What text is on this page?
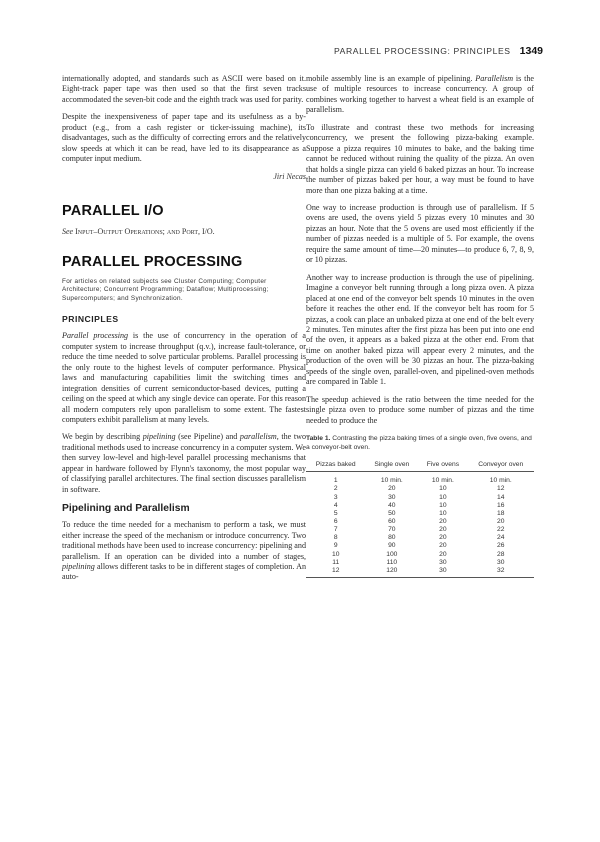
PARALLEL PROCESSING: PRINCIPLES 1349

internationally adopted, and standards such as ASCII were based on it. Eight-track paper tape was then used so that the first seven tracks accommodated the seven-bit code and the eighth track was used for parity.

Despite the inexpensiveness of paper tape and its usefulness as a by-product (e.g., from a cash register or ticker-issuing machine), its disadvantages, such as the difficulty of correcting errors and the relatively slow speeds at which it can be read, have led to its disappearance as a computer input medium.

Jiri Necas
PARALLEL I/O
See Input–Output Operations; and Port, I/O.
PARALLEL PROCESSING
For articles on related subjects see Cluster Computing; Computer Architecture; Concurrent Programming; Dataflow; Multiprocessing; Supercomputers; and Synchronization.
PRINCIPLES

Parallel processing is the use of concurrency in the operation of a computer system to increase throughput (q.v.), increase fault-tolerance, or reduce the time needed to solve particular problems. Parallel processing is the only route to the highest levels of computer performance. Physical laws and manufacturing capabilities limit the switching times and integration densities of current semiconductor-based devices, putting a ceiling on the speed at which any single device can operate. For this reason all modern computers rely upon parallelism to some extent. The fastest computers exhibit parallelism at many levels.

We begin by describing pipelining (see Pipeline) and parallelism, the two traditional methods used to increase concurrency in a computer system. We then survey low-level and high-level parallel processing mechanisms that appear in hardware followed by Flynn's taxonomy, the most popular way of classifying parallel architectures. The final section discusses parallelism in software.

Pipelining and Parallelism

To reduce the time needed for a mechanism to perform a task, we must either increase the speed of the mechanism or introduce concurrency. Two traditional methods have been used to increase concurrency: pipelining and parallelism. If an operation can be divided into a number of stages, pipelining allows different tasks to be in different stages of completion. An auto-

mobile assembly line is an example of pipelining. Parallelism is the use of multiple resources to increase concurrency. A group of combines working together to harvest a wheat field is an example of parallelism.

To illustrate and contrast these two methods for increasing concurrency, we present the following pizza-baking example. Suppose a pizza requires 10 minutes to bake, and the baking time cannot be reduced without ruining the quality of the pizza. An oven that holds a single pizza can yield 6 baked pizzas an hour. To increase the number of pizzas baked per hour, a way must be found to have more than one pizza baking at a time.

One way to increase production is through use of parallelism. If 5 ovens are used, the ovens yield 5 pizzas every 10 minutes and 30 pizzas an hour. Note that the 5 ovens are used most efficiently if the number of pizzas needed is a multiple of 5. For example, the ovens require the same amount of time—20 minutes—to produce 6, 7, 8, 9, or 10 pizzas.

Another way to increase production is through the use of pipelining. Imagine a conveyor belt running through a long pizza oven. A pizza placed at one end of the conveyor belt spends 10 minutes in the oven before it reaches the other end. If the conveyor belt has room for 5 pizzas, a cook can place an unbaked pizza at one end of the belt every 2 minutes. Ten minutes after the first pizza has been put into one end of the oven, it appears as a baked pizza at the other end. From that time on another baked pizza will appear every 2 minutes, and the production of the oven will be 30 pizzas an hour. The pizza-baking speeds of the single oven, parallel-oven, and pipelined-oven methods are compared in Table 1.

The speedup achieved is the ratio between the time needed for the single pizza oven to produce some number of pizzas and the time needed to produce the

Table 1. Contrasting the pizza baking times of a single oven, five ovens, and a conveyor-belt oven.
Pizzas baked	Single oven	Five ovens	Conveyor oven
1	10 min.	10 min.	10 min.
2	20	10	12
3	30	10	14
4	40	10	16
5	50	10	18
6	60	20	20
7	70	20	22
8	80	20	24
9	90	20	26
10	100	20	28
11	110	30	30
12	120	30	32
